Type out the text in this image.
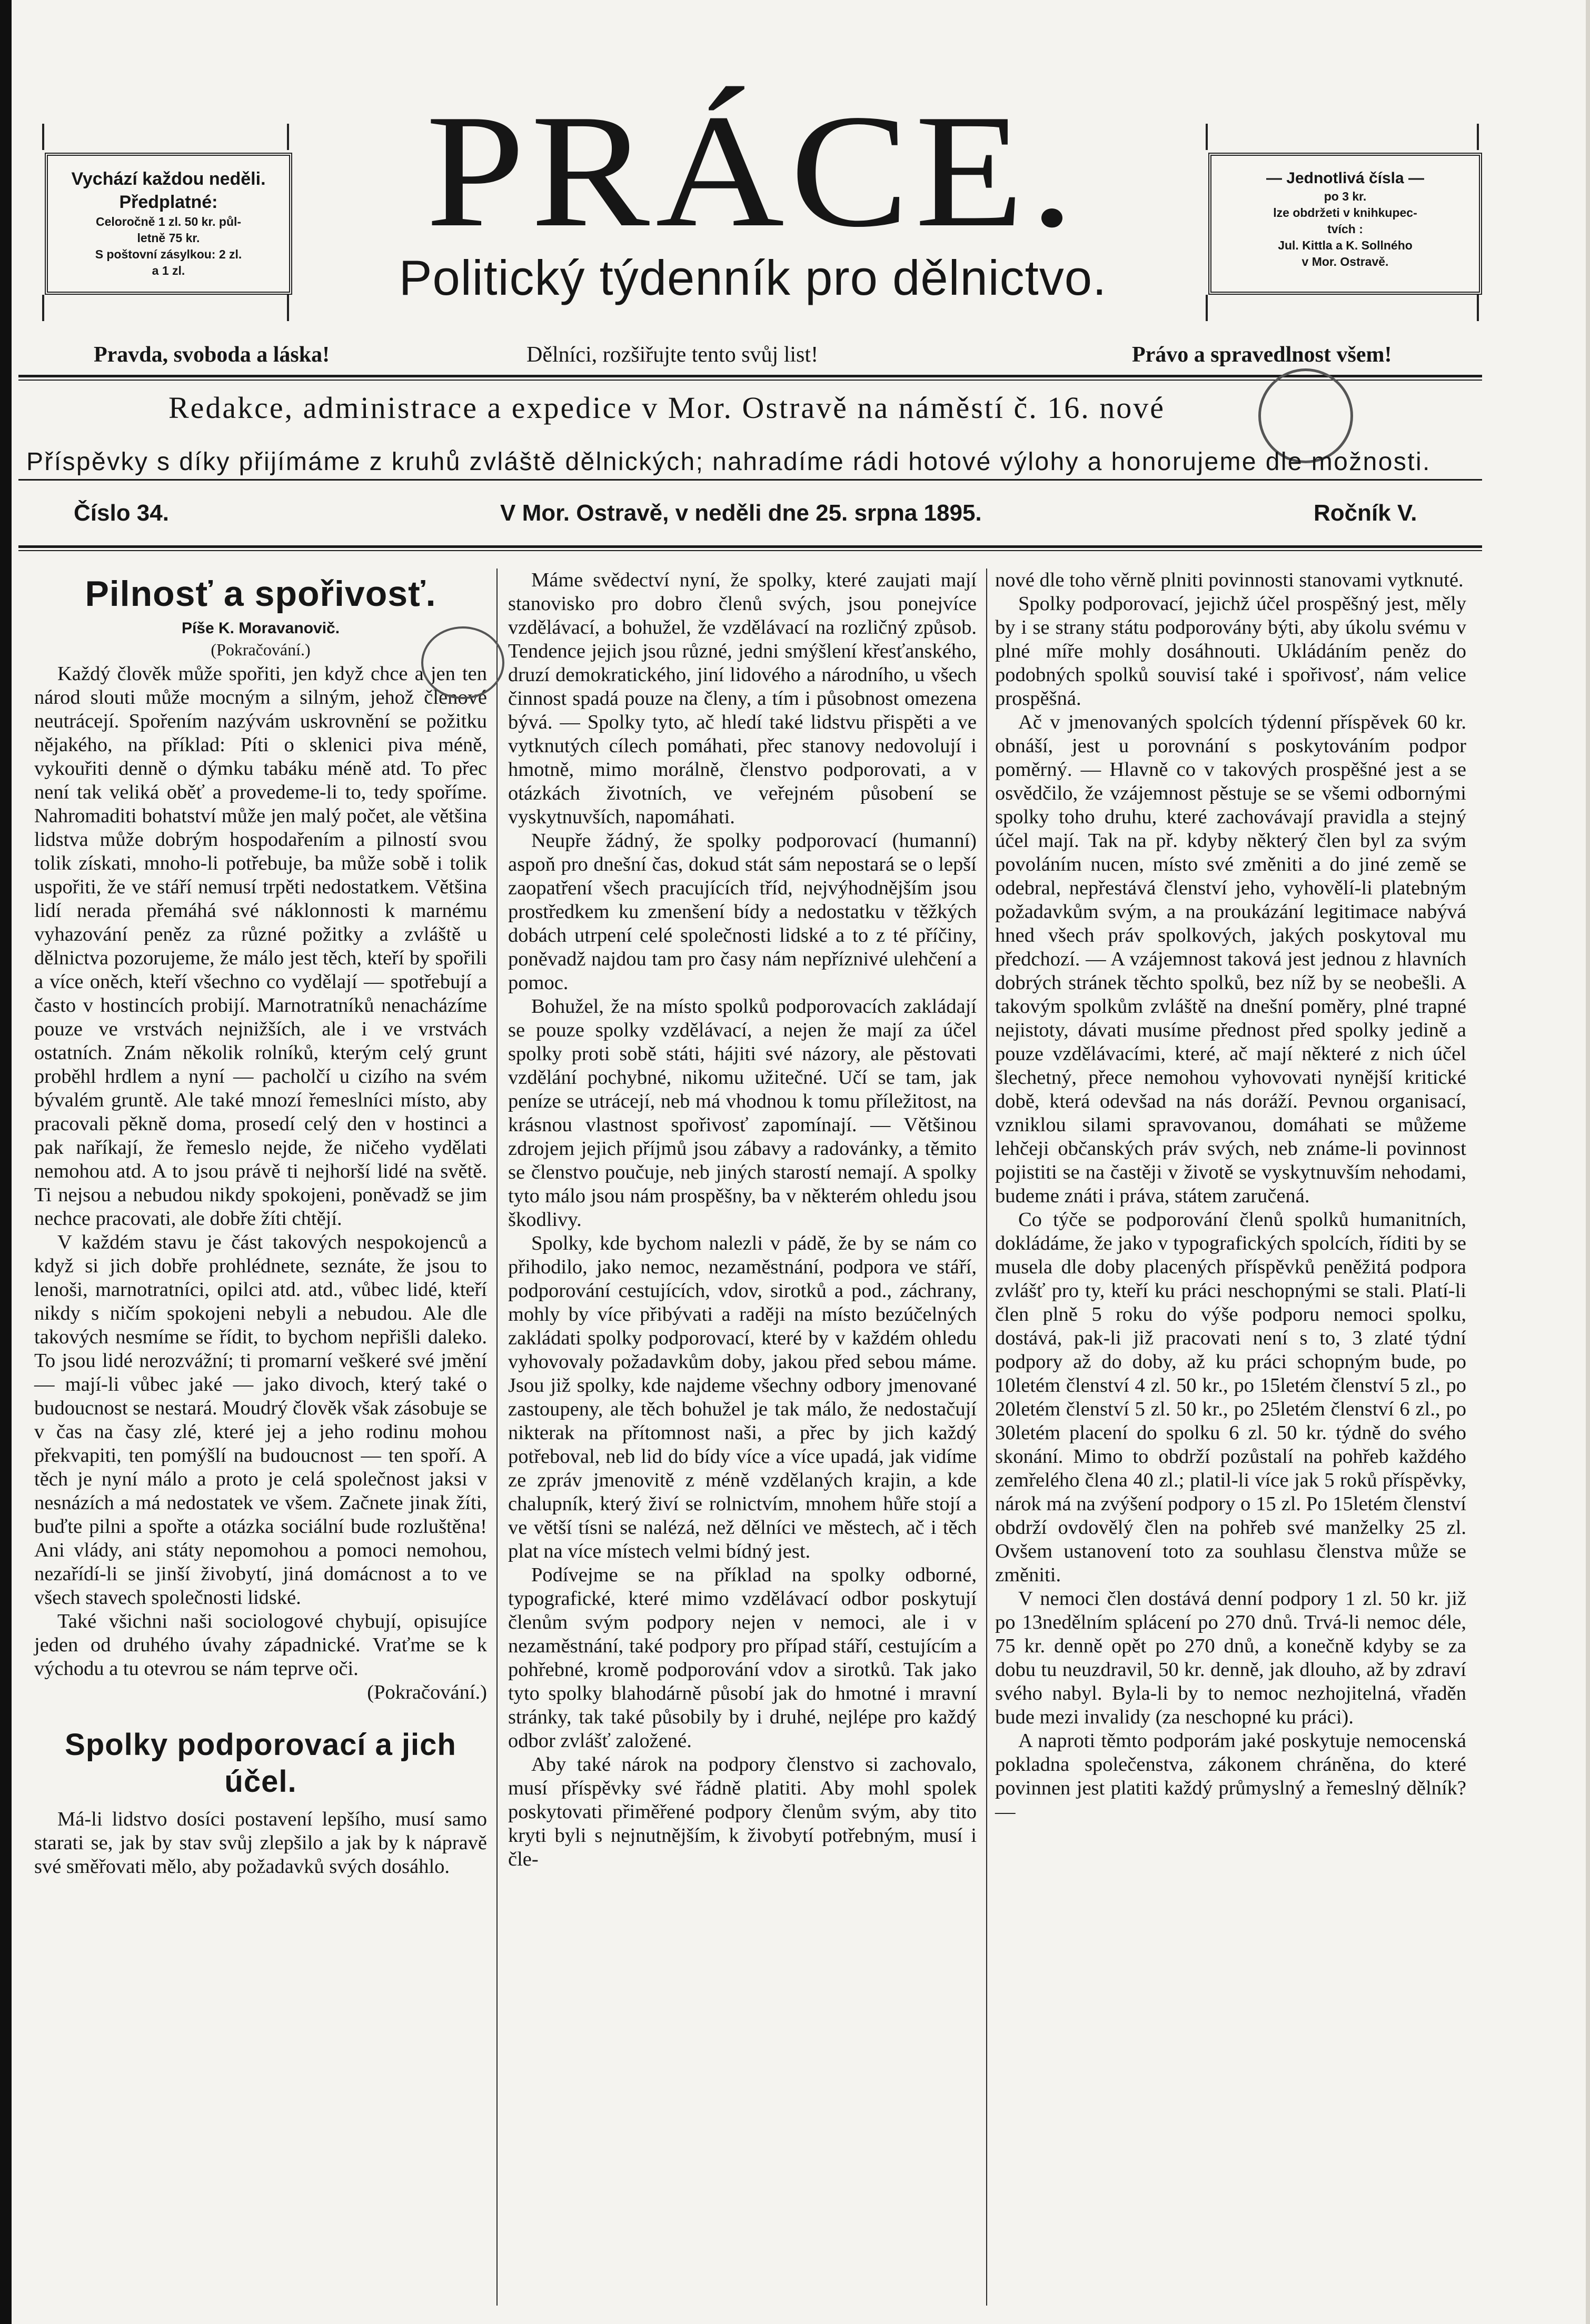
Vychází každou neděli.
Předplatné:
Celoročně 1 zl. 50 kr. půl-
letně 75 kr.
S poštovní zásylkou: 2 zl.
a 1 zl.
PRÁCE.
Politický týdenník pro dělnictvo.
— Jednotlivá čísla —
po 3 kr.
lze obdržeti v knihkupec-
tvích :
Jul. Kittla a K. Sollného
v Mor. Ostravě.
Pravda, svoboda a láska!	Dělníci, rozšiřujte tento svůj list!	Právo a spravedlnost všem!
Redakce, administrace a expedice v Mor. Ostravě na náměstí č. 16. nové
Příspěvky s díky přijímáme z kruhů zvláště dělnických; nahradíme rádi hotové výlohy a honorujeme dle možnosti.
Číslo 34.	V Mor. Ostravě, v neděli dne 25. srpna 1895.	Ročník V.
Pilnosť a spořivosť.
Píše K. Moravanovič.
(Pokračování.)

Každý člověk může spořiti, jen když chce a jen ten národ slouti může mocným a silným, jehož členové neutrácejí. Spořením nazývám uskrovnění se požitku nějakého, na příklad: Píti o sklenici piva méně, vykouřiti denně o dýmku tabáku méně atd. To přec není tak veliká oběť a provedeme-li to, tedy spoříme. Nahromaditi bohatství může jen malý počet, ale většina lidstva může dobrým hospodařením a pilností svou tolik získati, mnoho-li potřebuje, ba může sobě i tolik uspořiti, že ve stáří nemusí trpěti nedostatkem. Většina lidí nerada přemáhá své náklonnosti k marnému vyhazování peněz za různé požitky a zvláště u dělnictva pozorujeme, že málo jest těch, kteří by spořili a více oněch, kteří všechno co vydělají — spotřebují a často v hostincích probijí. Marnotratníků nenacházíme pouze ve vrstvách nejnižších, ale i ve vrstvách ostatních. Znám několik rolníků, kterým celý grunt proběhl hrdlem a nyní — pacholčí u cizího na svém bývalém gruntě. Ale také mnozí řemeslníci místo, aby pracovali pěkně doma, prosedí celý den v hostinci a pak naříkají, že řemeslo nejde, že ničeho vydělati nemohou atd. A to jsou právě ti nejhorší lidé na světě. Ti nejsou a nebudou nikdy spokojeni, poněvadž se jim nechce pracovati, ale dobře žíti chtějí.

V každém stavu je část takových nespokojenců a když si jich dobře prohlédnete, seznáte, že jsou to lenoši, marnotratníci, opilci atd. atd., vůbec lidé, kteří nikdy s ničím spokojeni nebyli a nebudou. Ale dle takových nesmíme se řídit, to bychom nepřišli daleko. To jsou lidé nerozvážní; ti promarní veškeré své jmění — mají-li vůbec jaké — jako divoch, který také o budoucnost se nestará. Moudrý člověk však zásobuje se v čas na časy zlé, které jej a jeho rodinu mohou překvapiti, ten pomýšlí na budoucnost — ten spoří. A těch je nyní málo a proto je celá společnost jaksi v nesnázích a má nedostatek ve všem. Začnete jinak žíti, buďte pilni a spořte a otázka sociální bude rozluštěna! Ani vlády, ani státy nepomohou a pomoci nemohou, nezařídí-li se jinší živobytí, jiná domácnost a to ve všech stavech společnosti lidské.

Také všichni naši sociologové chybují, opisujíce jeden od druhého úvahy západnické. Vraťme se k východu a tu otevrou se nám teprve oči.

(Pokračování.)

Spolky podporovací a jich účel.

Má-li lidstvo dosíci postavení lepšího, musí samo starati se, jak by stav svůj zlepšilo a jak by k nápravě své směřovati mělo, aby požadavků svých dosáhlo.

Máme svědectví nyní, že spolky, které zaujati mají stanovisko pro dobro členů svých, jsou ponejvíce vzdělávací, a bohužel, že vzdělávací na rozličný způsob. Tendence jejich jsou různé, jedni smýšlení křesťanského, druzí demokratického, jiní lidového a národního, u všech činnost spadá pouze na členy, a tím i působnost omezena bývá. — Spolky tyto, ač hledí také lidstvu přispěti a ve vytknutých cílech pomáhati, přec stanovy nedovolují i hmotně, mimo morálně, členstvo podporovati, a v otázkách životních, ve veřejném působení se vyskytnuvších, napomáhati.

Neupře žádný, že spolky podporovací (humanní) aspoň pro dnešní čas, dokud stát sám nepostará se o lepší zaopatření všech pracujících tříd, nejvýhodnějším jsou prostředkem ku zmenšení bídy a nedostatku v těžkých dobách utrpení celé společnosti lidské a to z té příčiny, poněvadž najdou tam pro časy nám nepříznivé ulehčení a pomoc.

Bohužel, že na místo spolků podporovacích zakládají se pouze spolky vzdělávací, a nejen že mají za účel spolky proti sobě státi, hájiti své názory, ale pěstovati vzdělání pochybné, nikomu užitečné. Učí se tam, jak peníze se utrácejí, neb má vhodnou k tomu příležitost, na krásnou vlastnost spořivosť zapomínají. — Většinou zdrojem jejich příjmů jsou zábavy a radovánky, a těmito se členstvo poučuje, neb jiných starostí nemají. A spolky tyto málo jsou nám prospěšny, ba v některém ohledu jsou škodlivy.

Spolky, kde bychom nalezli v pádě, že by se nám co přihodilo, jako nemoc, nezaměstnání, podpora ve stáří, podporování cestujících, vdov, sirotků a pod., záchrany, mohly by více přibývati a raději na místo bezúčelných zakládati spolky podporovací, které by v každém ohledu vyhovovaly požadavkům doby, jakou před sebou máme. Jsou již spolky, kde najdeme všechny odbory jmenované zastoupeny, ale těch bohužel je tak málo, že nedostačují nikterak na přítomnost naši, a přec by jich každý potřeboval, neb lid do bídy více a více upadá, jak vidíme ze zpráv jmenovitě z méně vzdělaných krajin, a kde chalupník, který živí se rolnictvím, mnohem hůře stojí a ve větší tísni se nalézá, než dělníci ve městech, ač i těch plat na více místech velmi bídný jest.

Podívejme se na příklad na spolky odborné, typografické, které mimo vzdělávací odbor poskytují členům svým podpory nejen v nemoci, ale i v nezaměstnání, také podpory pro případ stáří, cestujícím a pohřebné, kromě podporování vdov a sirotků. Tak jako tyto spolky blahodárně působí jak do hmotné i mravní stránky, tak také působily by i druhé, nejlépe pro každý odbor zvlášť založené.

Aby také nárok na podpory členstvo si zachovalo, musí příspěvky své řádně platiti. Aby mohl spolek poskytovati přiměřené podpory členům svým, aby tito kryti byli s nejnutnějším, k živobytí potřebným, musí i čle-

nové dle toho věrně plniti povinnosti stanovami vytknuté.

Spolky podporovací, jejichž účel prospěšný jest, měly by i se strany státu podporovány býti, aby úkolu svému v plné míře mohly dosáhnouti. Ukládáním peněz do podobných spolků souvisí také i spořivosť, nám velice prospěšná.

Ač v jmenovaných spolcích týdenní příspěvek 60 kr. obnáší, jest u porovnání s poskytováním podpor poměrný. — Hlavně co v takových prospěšné jest a se osvědčilo, že vzájemnost pěstuje se se všemi odbornými spolky toho druhu, které zachovávají pravidla a stejný účel mají. Tak na př. kdyby některý člen byl za svým povoláním nucen, místo své změniti a do jiné země se odebral, nepřestává členství jeho, vyhovělí-li platebným požadavkům svým, a na proukázání legitimace nabývá hned všech práv spolkových, jakých poskytoval mu předchozí. — A vzájemnost taková jest jednou z hlavních dobrých stránek těchto spolků, bez níž by se neobešli. A takovým spolkům zvláště na dnešní poměry, plné trapné nejistoty, dávati musíme přednost před spolky jedině a pouze vzdělávacími, které, ač mají některé z nich účel šlechetný, přece nemohou vyhovovati nynější kritické době, která odevšad na nás doráží. Pevnou organisací, vzniklou silami spravovanou, domáhati se můžeme lehčeji občanských práv svých, neb známe-li povinnost pojistiti se na častěji v životě se vyskytnuvším nehodami, budeme znáti i práva, státem zaručená.

Co týče se podporování členů spolků humanitních, dokládáme, že jako v typografických spolcích, říditi by se musela dle doby placených příspěvků peněžitá podpora zvlášť pro ty, kteří ku práci neschopnými se stali. Platí-li člen plně 5 roku do výše podporu nemoci spolku, dostává, pak-li již pracovati není s to, 3 zlaté týdní podpory až do doby, až ku práci schopným bude, po 10letém členství 4 zl. 50 kr., po 15letém členství 5 zl., po 20letém členství 5 zl. 50 kr., po 25letém členství 6 zl., po 30letém placení do spolku 6 zl. 50 kr. týdně do svého skonání. Mimo to obdrží pozůstalí na pohřeb každého zemřelého člena 40 zl.; platil-li více jak 5 roků příspěvky, nárok má na zvýšení podpory o 15 zl. Po 15letém členství obdrží ovdovělý člen na pohřeb své manželky 25 zl. Ovšem ustanovení toto za souhlasu členstva může se změniti.

V nemoci člen dostává denní podpory 1 zl. 50 kr. již po 13nedělním splácení po 270 dnů. Trvá-li nemoc déle, 75 kr. denně opět po 270 dnů, a konečně kdyby se za dobu tu neuzdravil, 50 kr. denně, jak dlouho, až by zdraví svého nabyl. Byla-li by to nemoc nezhojitelná, vřaděn bude mezi invalidy (za neschopné ku práci).

A naproti těmto podporám jaké poskytuje nemocenská pokladna společenstva, zákonem chráněna, do které povinnen jest platiti každý průmyslný a řemeslný dělník? —
